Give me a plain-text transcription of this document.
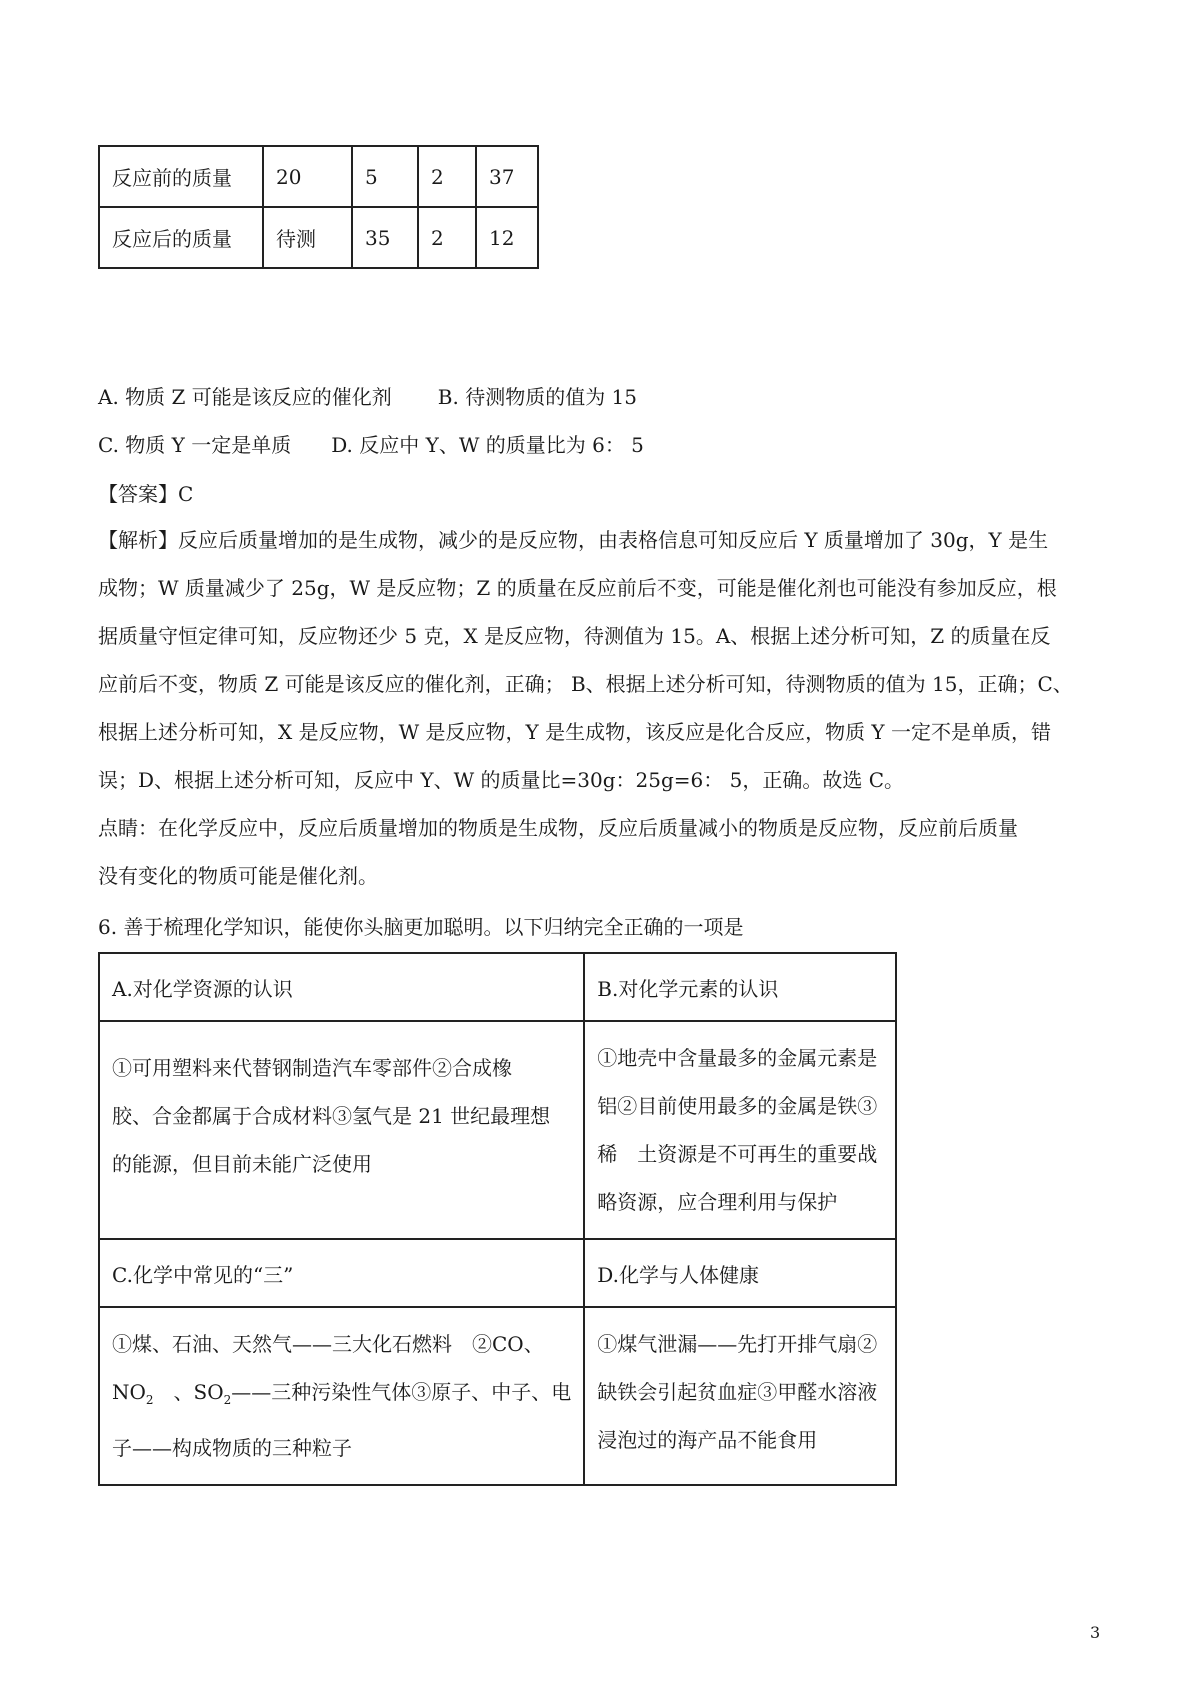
反应前的质量	20	5	2	37
反应后的质量	待测	35	2	12
A. 物质 Z 可能是该反应的催化剂 B. 待测物质的值为 15
C. 物质 Y 一定是单质 D. 反应中 Y、W 的质量比为 6： 5
【答案】C
【解析】反应后质量增加的是生成物，减少的是反应物，由表格信息可知反应后 Y 质量增加了 30g，Y 是生
成物；W 质量减少了 25g，W 是反应物；Z 的质量在反应前后不变，可能是催化剂也可能没有参加反应，根
据质量守恒定律可知，反应物还少 5 克，X 是反应物，待测值为 15。A、根据上述分析可知，Z 的质量在反
应前后不变，物质 Z 可能是该反应的催化剂，正确； B、根据上述分析可知，待测物质的值为 15，正确；C、
根据上述分析可知，X 是反应物，W 是反应物，Y 是生成物，该反应是化合反应，物质 Y 一定不是单质，错
误；D、根据上述分析可知，反应中 Y、W 的质量比=30g：25g=6： 5，正确。故选 C。
点睛：在化学反应中，反应后质量增加的物质是生成物，反应后质量减小的物质是反应物，反应前后质量
没有变化的物质可能是催化剂。
6. 善于梳理化学知识，能使你头脑更加聪明。以下归纳完全正确的一项是
A.对化学资源的认识	B.对化学元素的认识

①可用塑料来代替钢制造汽车零部件②合成橡
胶、合金都属于合成材料③氢气是 21 世纪最理想
的能源，但目前未能广泛使用	①地壳中含量最多的金属元素是
铝②目前使用最多的金属是铁③
稀　土资源是不可再生的重要战
略资源，应合理利用与保护

C.化学中常见的“三”	D.化学与人体健康

①煤、石油、天然气——三大化石燃料　②CO、
$NO_2$　、$SO_2——$三种污染性气体③原子、中子、电
子——构成物质的三种粒子	①煤气泄漏——先打开排气扇②
缺铁会引起贫血症③甲醛水溶液
浸泡过的海产品不能食用
3
